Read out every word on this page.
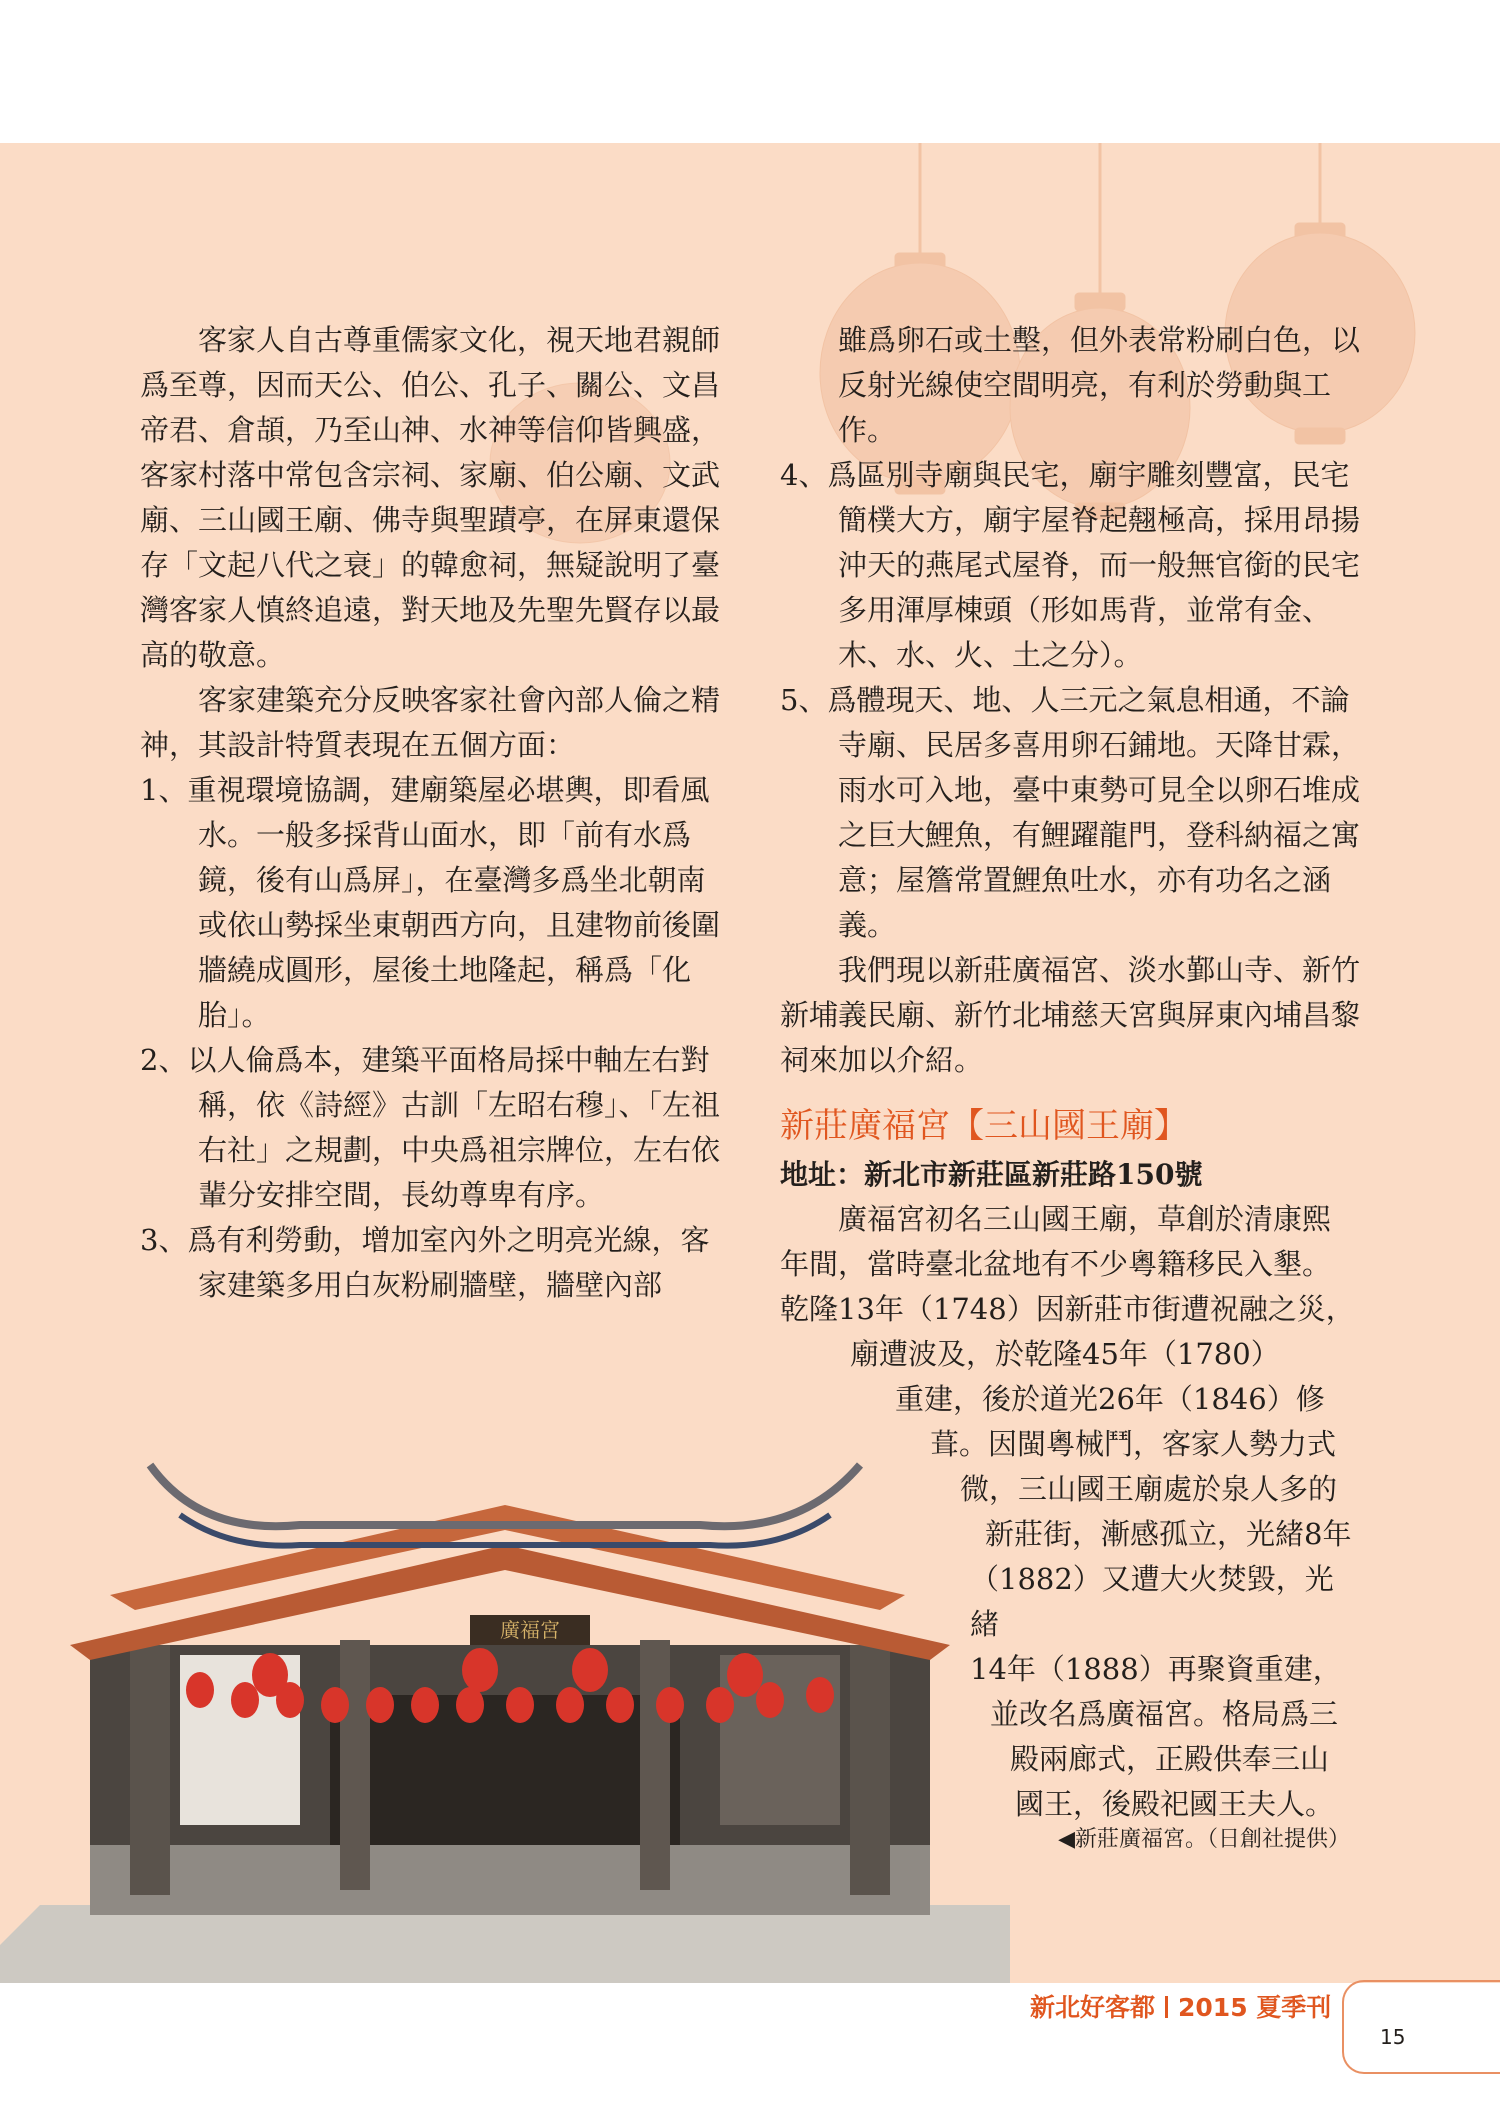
客家人自古尊重儒家文化，視天地君親師爲至尊，因而天公、伯公、孔子、關公、文昌帝君、倉頡，乃至山神、水神等信仰皆興盛，客家村落中常包含宗祠、家廟、伯公廟、文武廟、三山國王廟、佛寺與聖蹟亭，在屏東還保存「文起八代之衰」的韓愈祠，無疑說明了臺灣客家人慎終追遠，對天地及先聖先賢存以最高的敬意。

客家建築充分反映客家社會內部人倫之精神，其設計特質表現在五個方面：

1、重視環境協調，建廟築屋必堪輿，即看風水。一般多採背山面水，即「前有水爲鏡，後有山爲屏」，在臺灣多爲坐北朝南或依山勢採坐東朝西方向，且建物前後圍牆繞成圓形，屋後土地隆起，稱爲「化胎」。

2、以人倫爲本，建築平面格局採中軸左右對稱，依《詩經》古訓「左昭右穆」、「左祖右社」之規劃，中央爲祖宗牌位，左右依輩分安排空間，長幼尊卑有序。

3、爲有利勞動，增加室內外之明亮光線，客家建築多用白灰粉刷牆壁，牆壁內部

雖爲卵石或土墼，但外表常粉刷白色，以反射光線使空間明亮，有利於勞動與工作。

4、爲區別寺廟與民宅，廟宇雕刻豐富，民宅簡樸大方，廟宇屋脊起翹極高，採用昂揚沖天的燕尾式屋脊，而一般無官銜的民宅多用渾厚棟頭（形如馬背，並常有金、木、水、火、土之分）。

5、爲體現天、地、人三元之氣息相通，不論寺廟、民居多喜用卵石鋪地。天降甘霖，雨水可入地，臺中東勢可見全以卵石堆成之巨大鯉魚，有鯉躍龍門，登科納福之寓意；屋簷常置鯉魚吐水，亦有功名之涵義。

我們現以新莊廣福宮、淡水鄞山寺、新竹新埔義民廟、新竹北埔慈天宮與屏東內埔昌黎祠來加以介紹。

新莊廣福宮【三山國王廟】
地址：新北市新莊區新莊路150號

廣福宮初名三山國王廟，草創於清康熙

年間，當時臺北盆地有不少粵籍移民入墾。

乾隆13年（1748）因新莊市街遭祝融之災，

廟遭波及，於乾隆45年（1780）

重建，後於道光26年（1846）修

葺。因閩粵械鬥，客家人勢力式

微，三山國王廟處於泉人多的

新莊街，漸感孤立，光緒8年

（1882）又遭大火焚毀，光緒

14年（1888）再聚資重建，

並改名爲廣福宮。格局爲三

殿兩廊式，正殿供奉三山

國王，後殿祀國王夫人。

廣福宮
◀新莊廣福宮。（日創社提供）
新北好客都 2015 夏季刊
15
